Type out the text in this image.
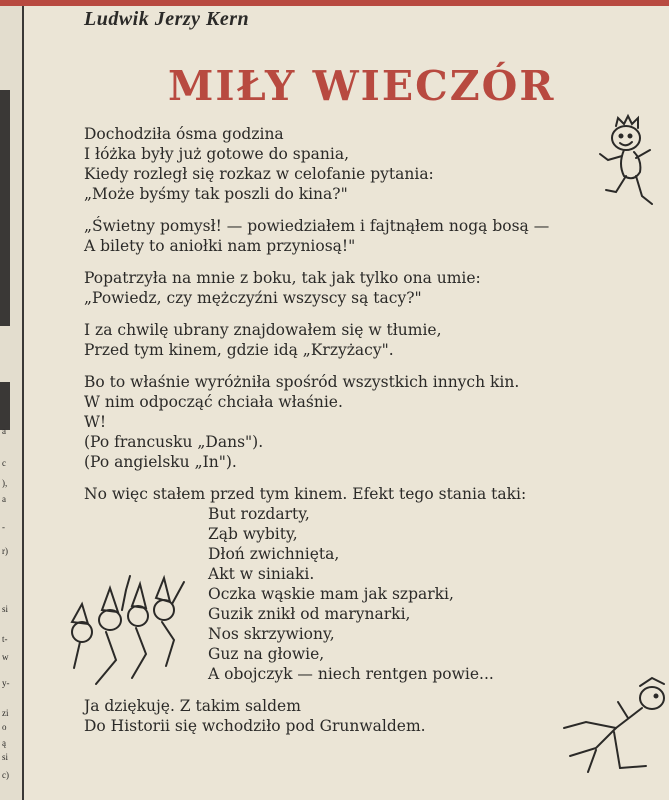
a
c
),
a
-
r)
si
t-
w
y-
zi
o
ą
si
c)
Ludwik Jerzy Kern
MIŁY WIECZÓR
Dochodziła ósma godzina
I łóżka były już gotowe do spania,
Kiedy rozległ się rozkaz w celofanie pytania:
„Może byśmy tak poszli do kina?"
„Świetny pomysł! — powiedziałem i fajtnąłem nogą bosą —
A bilety to aniołki nam przyniosą!"
Popatrzyła na mnie z boku, tak jak tylko ona umie:
„Powiedz, czy mężczyźni wszyscy są tacy?"
I za chwilę ubrany znajdowałem się w tłumie,
Przed tym kinem, gdzie idą „Krzyżacy".
Bo to właśnie wyróżniła spośród wszystkich innych kin.
W nim odpocząć chciała właśnie.
W!
(Po francusku „Dans").
(Po angielsku „In").
No więc stałem przed tym kinem. Efekt tego stania taki:
But rozdarty,
Ząb wybity,
Dłoń zwichnięta,
Akt w siniaki.
Oczka wąskie mam jak szparki,
Guzik znikł od marynarki,
Nos skrzywiony,
Guz na głowie,
A obojczyk — niech rentgen powie...
Ja dziękuję. Z takim saldem
Do Historii się wchodziło pod Grunwaldem.
